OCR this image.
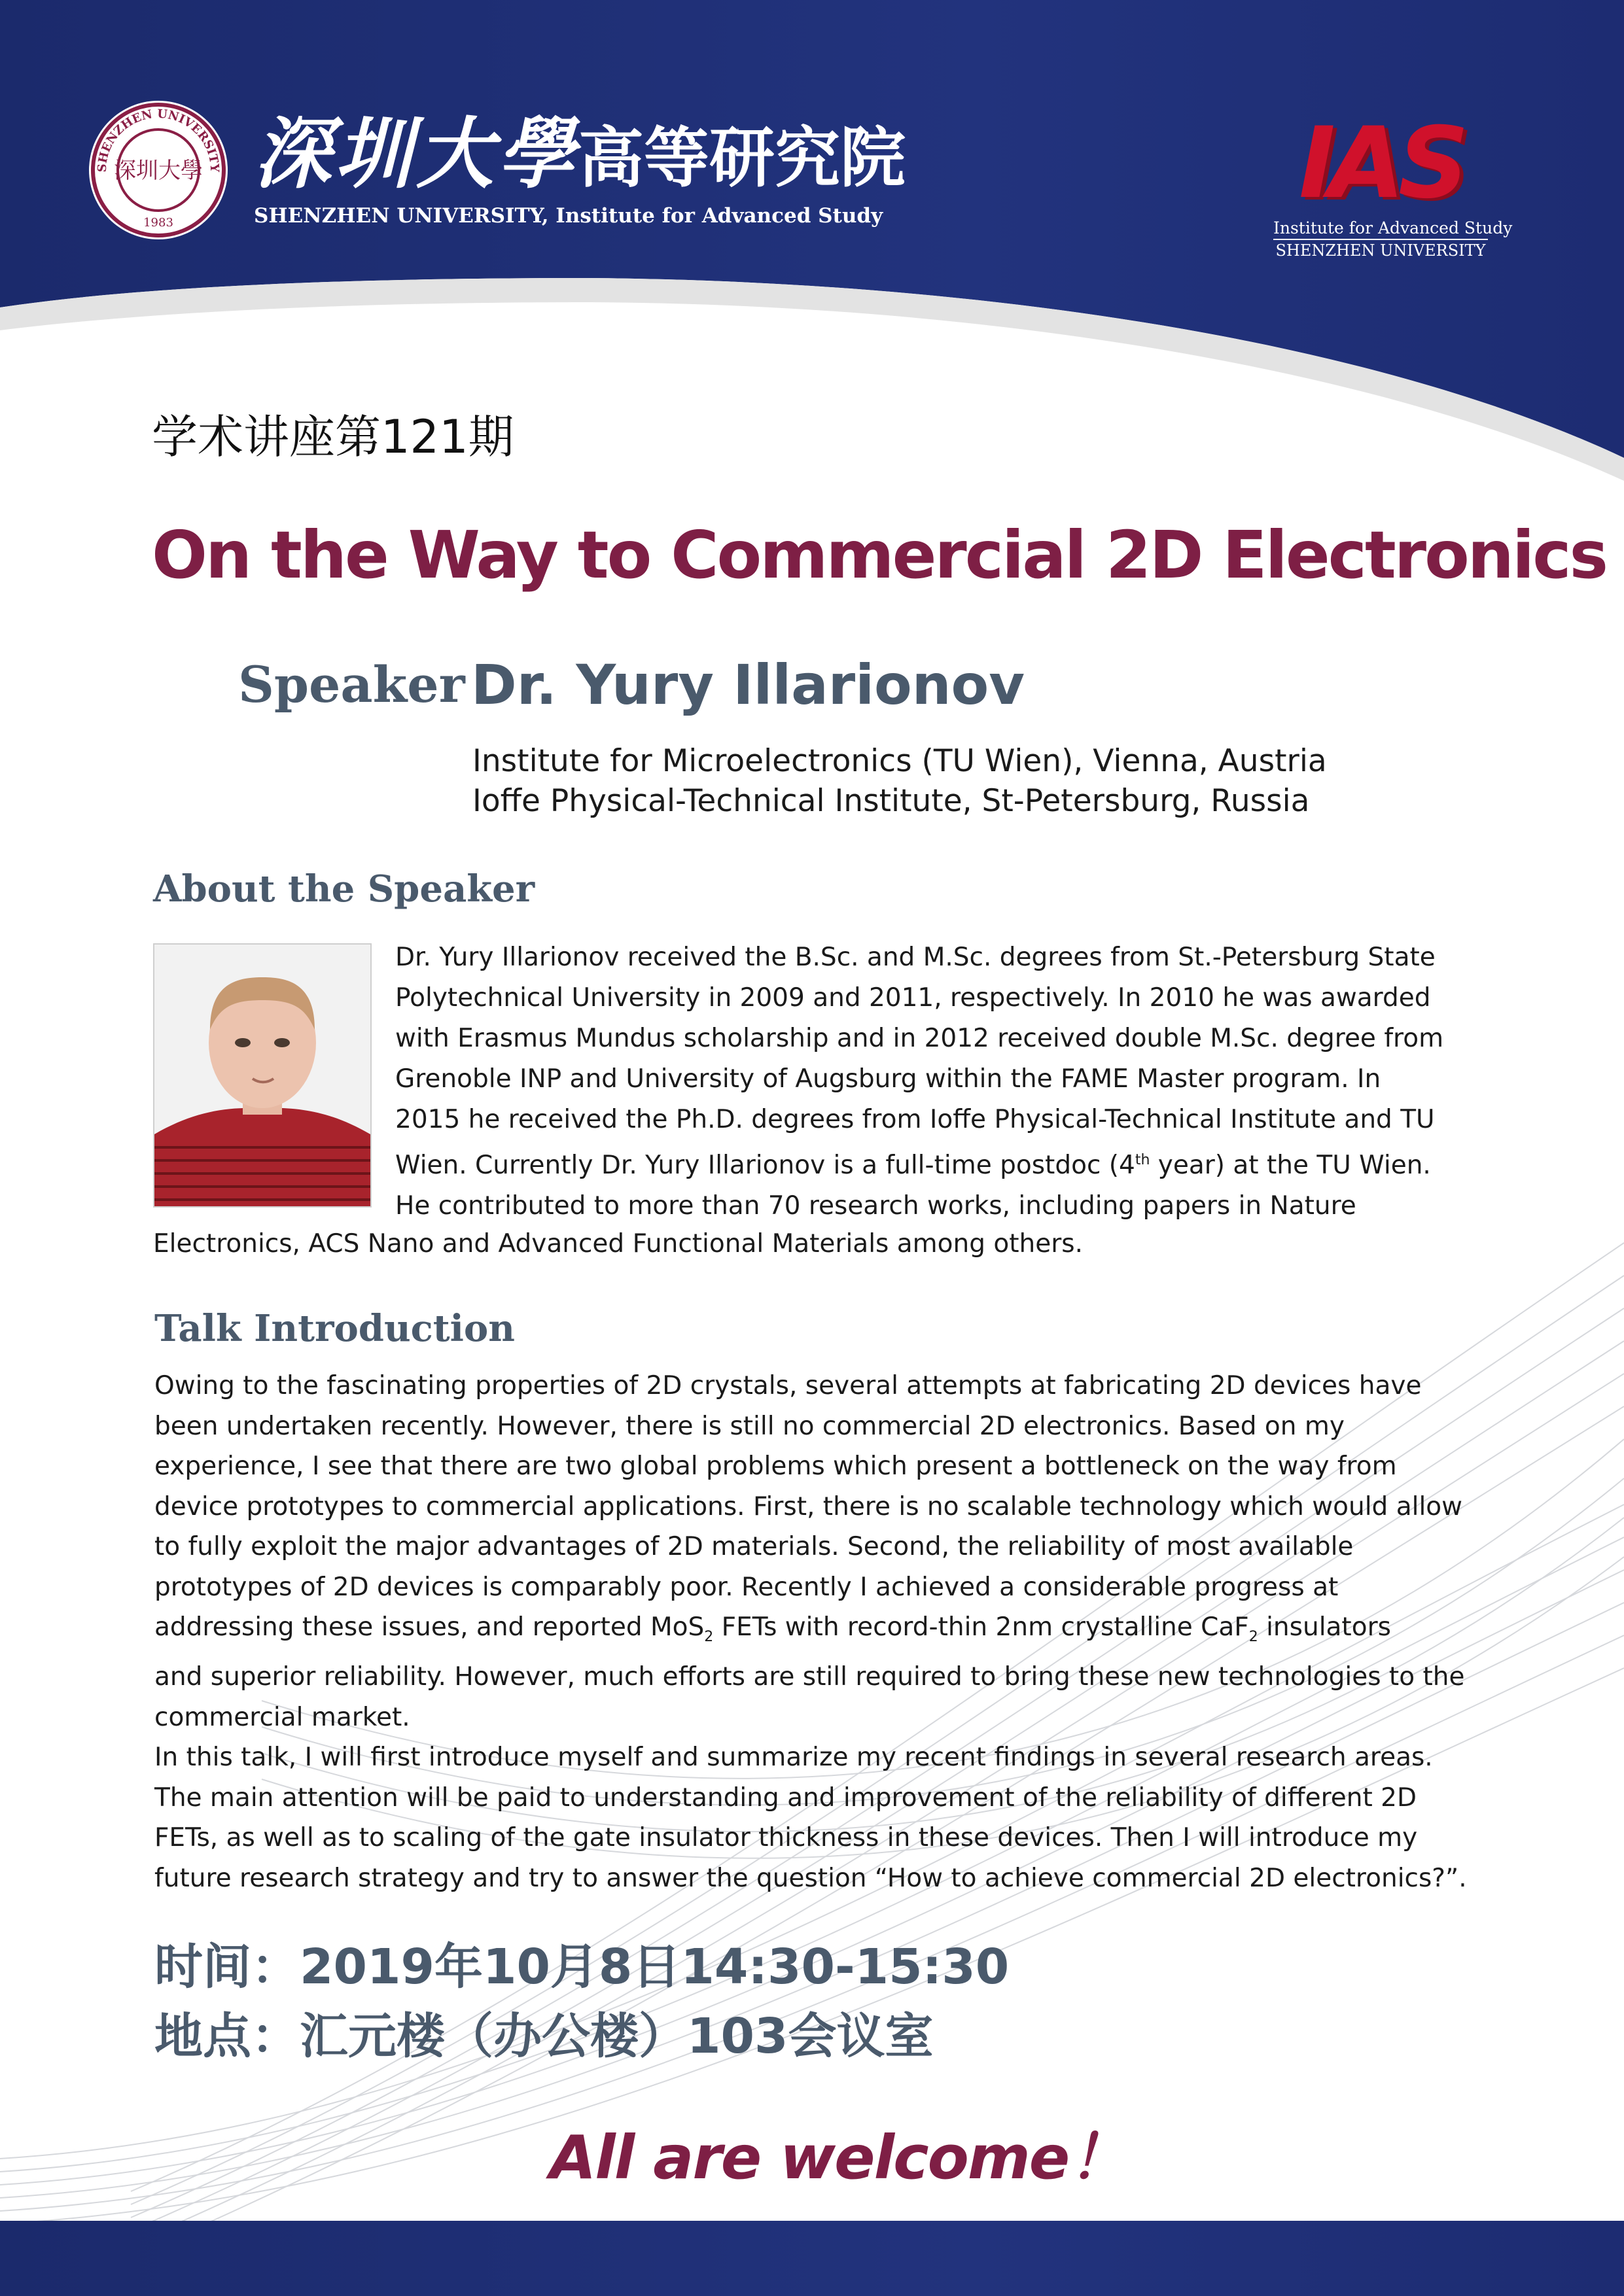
SHENZHEN UNIVERSITY
深圳大學
1983
深圳大學高等研究院
SHENZHEN UNIVERSITY, Institute for Advanced Study	IAS
Institute for Advanced Study
SHENZHEN UNIVERSITY
学术讲座第121期
On the Way to Commercial 2D Electronics
Speaker Dr. Yury Illarionov
Institute for Microelectronics (TU Wien), Vienna, Austria
Ioffe Physical-Technical Institute, St-Petersburg, Russia
About the Speaker
Dr. Yury Illarionov received the B.Sc. and M.Sc. degrees from St.-Petersburg State
Polytechnical University in 2009 and 2011, respectively. In 2010 he was awarded
with Erasmus Mundus scholarship and in 2012 received double M.Sc. degree from
Grenoble INP and University of Augsburg within the FAME Master program. In
2015 he received the Ph.D. degrees from Ioffe Physical-Technical Institute and TU
Wien. Currently Dr. Yury Illarionov is a full-time postdoc (4th year) at the TU Wien.
He contributed to more than 70 research works, including papers in Nature
Electronics, ACS Nano and Advanced Functional Materials among others.
Talk Introduction
Owing to the fascinating properties of 2D crystals, several attempts at fabricating 2D devices have
been undertaken recently. However, there is still no commercial 2D electronics. Based on my
experience, I see that there are two global problems which present a bottleneck on the way from
device prototypes to commercial applications. First, there is no scalable technology which would allow
to fully exploit the major advantages of 2D materials. Second, the reliability of most available
prototypes of 2D devices is comparably poor. Recently I achieved a considerable progress at
addressing these issues, and reported MoS$_2$ FETs with record-thin 2nm crystalline CaF$_2$ insulators
and superior reliability. However, much efforts are still required to bring these new technologies to the
commercial market.
In this talk, I will first introduce myself and summarize my recent findings in several research areas.
The main attention will be paid to understanding and improvement of the reliability of different 2D
FETs, as well as to scaling of the gate insulator thickness in these devices. Then I will introduce my
future research strategy and try to answer the question “How to achieve commercial 2D electronics?”.
时间：2019年10月8日14:30-15:30
地点：汇元楼（办公楼）103会议室
All are welcome！
